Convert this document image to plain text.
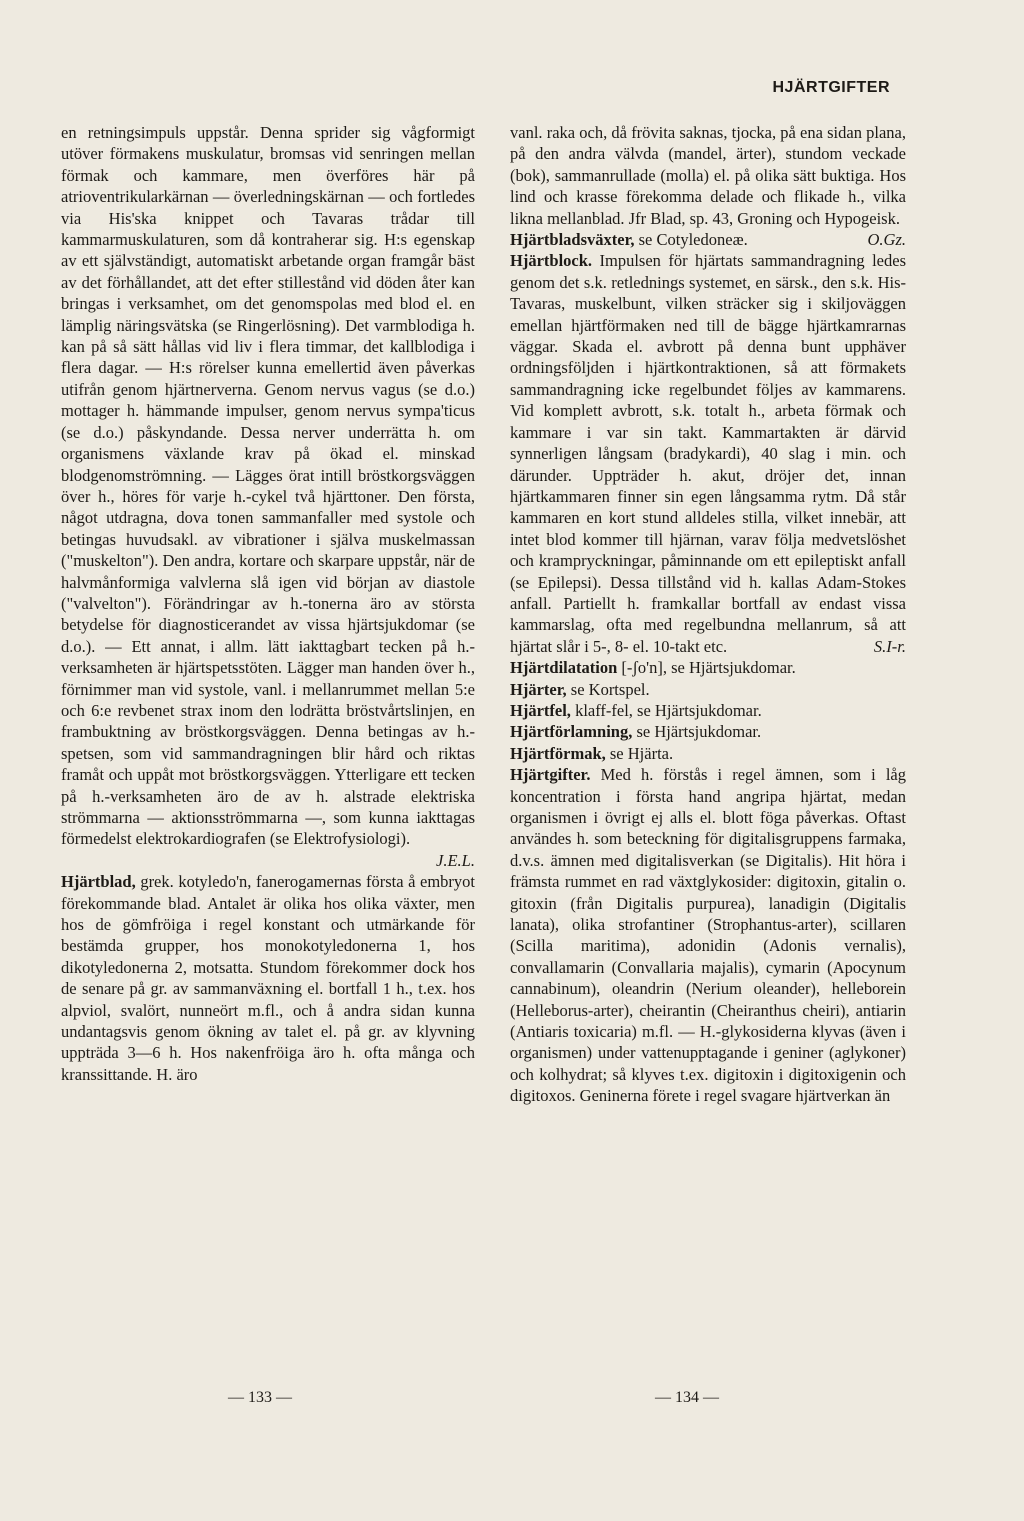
HJÄRTGIFTER

en retningsimpuls uppstår. Denna sprider sig vågformigt utöver förmakens muskulatur, bromsas vid senringen mellan förmak och kammare, men överföres här på atrioventrikularkärnan — överledningskärnan — och fortledes via His'ska knippet och Tavaras trådar till kammarmuskulaturen, som då kontraherar sig. H:s egenskap av ett självständigt, automatiskt arbetande organ framgår bäst av det förhållandet, att det efter stillestånd vid döden åter kan bringas i verksamhet, om det genomspolas med blod el. en lämplig näringsvätska (se Ringerlösning). Det varmblodiga h. kan på så sätt hållas vid liv i flera timmar, det kallblodiga i flera dagar. — H:s rörelser kunna emellertid även påverkas utifrån genom hjärtnerverna. Genom nervus vagus (se d.o.) mottager h. hämmande impulser, genom nervus sympa'ticus (se d.o.) påskyndande. Dessa nerver underrätta h. om organismens växlande krav på ökad el. minskad blodgenomströmning. — Lägges örat intill bröstkorgsväggen över h., höres för varje h.-cykel två hjärttoner. Den första, något utdragna, dova tonen sammanfaller med systole och betingas huvudsakl. av vibrationer i själva muskelmassan ("muskelton"). Den andra, kortare och skarpare uppstår, när de halvmånformiga valvlerna slå igen vid början av diastole ("valvelton"). Förändringar av h.-tonerna äro av största betydelse för diagnosticerandet av vissa hjärtsjukdomar (se d.o.). — Ett annat, i allm. lätt iakttagbart tecken på h.-verksamheten är hjärtspetsstöten. Lägger man handen över h., förnimmer man vid systole, vanl. i mellanrummet mellan 5:e och 6:e revbenet strax inom den lodrätta bröstvårtslinjen, en frambuktning av bröstkorgsväggen. Denna betingas av h.-spetsen, som vid sammandragningen blir hård och riktas framåt och uppåt mot bröstkorgsväggen. Ytterligare ett tecken på h.-verksamheten äro de av h. alstrade elektriska strömmarna — aktionsströmmarna —, som kunna iakttagas förmedelst elektrokardiografen (se Elektrofysiologi).
J.E.L.

Hjärtblad, grek. kotyledo'n, fanerogamernas första å embryot förekommande blad. Antalet är olika hos olika växter, men hos de gömfröiga i regel konstant och utmärkande för bestämda grupper, hos monokotyledonerna 1, hos dikotyledonerna 2, motsatta. Stundom förekommer dock hos de senare på gr. av sammanväxning el. bortfall 1 h., t.ex. hos alpviol, svalört, nunneört m.fl., och å andra sidan kunna undantagsvis genom ökning av talet el. på gr. av klyvning uppträda 3—6 h. Hos nakenfröiga äro h. ofta många och kranssittande. H. äro

vanl. raka och, då frövita saknas, tjocka, på ena sidan plana, på den andra välvda (mandel, ärter), stundom veckade (bok), sammanrullade (molla) el. på olika sätt buktiga. Hos lind och krasse förekomma delade och flikade h., vilka likna mellanblad. Jfr Blad, sp. 43, Groning och Hypogeisk.
O.Gz.

Hjärtbladsväxter, se Cotyledoneæ.

Hjärtblock. Impulsen för hjärtats sammandragning ledes genom det s.k. retlednings systemet, en särsk., den s.k. His-Tavaras, muskelbunt, vilken sträcker sig i skiljoväggen emellan hjärtförmaken ned till de bägge hjärtkamrarnas väggar. Skada el. avbrott på denna bunt upphäver ordningsföljden i hjärtkontraktionen, så att förmakets sammandragning icke regelbundet följes av kammarens. Vid komplett avbrott, s.k. totalt h., arbeta förmak och kammare i var sin takt. Kammartakten är därvid synnerligen långsam (bradykardi), 40 slag i min. och därunder. Uppträder h. akut, dröjer det, innan hjärtkammaren finner sin egen långsamma rytm. Då står kammaren en kort stund alldeles stilla, vilket innebär, att intet blod kommer till hjärnan, varav följa medvetslöshet och krampryckningar, påminnande om ett epileptiskt anfall (se Epilepsi). Dessa tillstånd vid h. kallas Adam-Stokes anfall. Partiellt h. framkallar bortfall av endast vissa kammarslag, ofta med regelbundna mellanrum, så att hjärtat slår i 5-, 8- el. 10-takt etc.	S.I-r.

Hjärtdilatation [-ʃo'n], se Hjärtsjukdomar.

Hjärter, se Kortspel.

Hjärtfel, klaff-fel, se Hjärtsjukdomar.

Hjärtförlamning, se Hjärtsjukdomar.

Hjärtförmak, se Hjärta.

Hjärtgifter. Med h. förstås i regel ämnen, som i låg koncentration i första hand angripa hjärtat, medan organismen i övrigt ej alls el. blott föga påverkas. Oftast användes h. som beteckning för digitalisgruppens farmaka, d.v.s. ämnen med digitalisverkan (se Digitalis). Hit höra i främsta rummet en rad växtglykosider: digitoxin, gitalin o. gitoxin (från Digitalis purpurea), lanadigin (Digitalis lanata), olika strofantiner (Strophantus-arter), scillaren (Scilla maritima), adonidin (Adonis vernalis), convallamarin (Convallaria majalis), cymarin (Apocynum cannabinum), oleandrin (Nerium oleander), helleborein (Helleborus-arter), cheirantin (Cheiranthus cheiri), antiarin (Antiaris toxicaria) m.fl. — H.-glykosiderna klyvas (även i organismen) under vattenupptagande i geniner (aglykoner) och kolhydrat; så klyves t.ex. digitoxin i digitoxigenin och digitoxos. Geninerna förete i regel svagare hjärtverkan än

— 133 —	— 134 —
